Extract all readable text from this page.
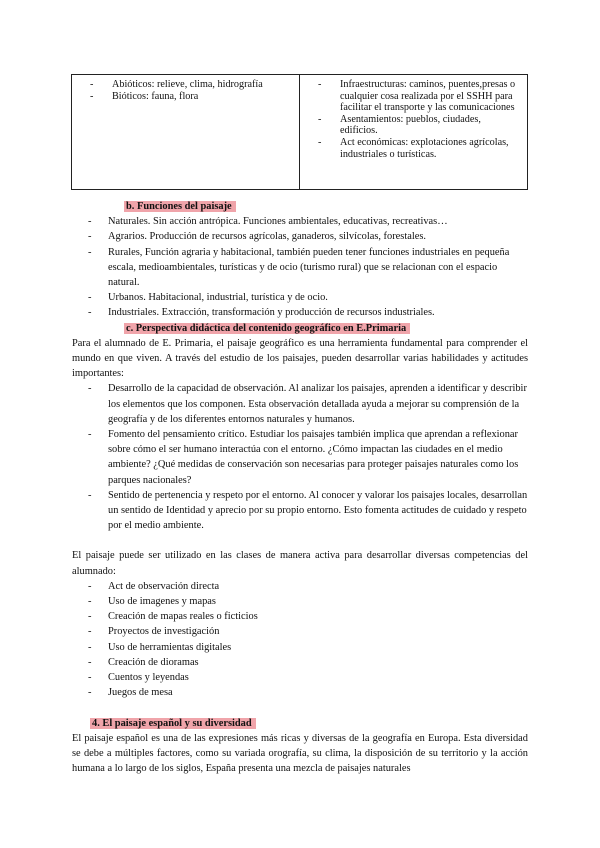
- Abióticos: relieve, clima, hidrografía
- Bióticos: fauna, flora

- Infraestructuras: caminos, puentes,presas o cualquier cosa realizada por el SSHH para facilitar el transporte y las comunicaciones
- Asentamientos: pueblos, ciudades, edificios.
- Act económicas: explotaciones agrícolas, industriales o turísticas.
b. Funciones del paisaje
- Naturales. Sin acción antrópica. Funciones ambientales, educativas, recreativas…
- Agrarios. Producción de recursos agrícolas, ganaderos, silvícolas, forestales.
- Rurales, Función agraria y habitacional, también pueden tener funciones industriales en pequeña escala, medioambientales, turísticas y de ocio (turismo rural) que se relacionan con el espacio natural.
- Urbanos. Habitacional, industrial, turística y de ocio.
- Industriales. Extracción, transformación y producción de recursos industriales.
c. Perspectiva didáctica del contenido geográfico en E.Primaria

Para el alumnado de E. Primaria, el paisaje geográfico es una herramienta fundamental para comprender el mundo en que viven. A través del estudio de los paisajes, pueden desarrollar varias habilidades y actitudes importantes:

- Desarrollo de la capacidad de observación. Al analizar los paisajes, aprenden a identificar y describir los elementos que los componen. Esta observación detallada ayuda a mejorar su comprensión de la geografía y de los diferentes entornos naturales y humanos.
- Fomento del pensamiento crítico. Estudiar los paisajes también implica que aprendan a reflexionar sobre cómo el ser humano interactúa con el entorno. ¿Cómo impactan las ciudades en el medio ambiente? ¿Qué medidas de conservación son necesarias para proteger paisajes naturales como los parques nacionales?
- Sentido de pertenencia y respeto por el entorno. Al conocer y valorar los paisajes locales, desarrollan un sentido de Identidad y aprecio por su propio entorno. Esto fomenta actitudes de cuidado y respeto por el medio ambiente.

El paisaje puede ser utilizado en las clases de manera activa para desarrollar diversas competencias del alumnado:

- Act de observación directa
- Uso de imagenes y mapas
- Creación de mapas reales o ficticios
- Proyectos de investigación
- Uso de herramientas digitales
- Creación de dioramas
- Cuentos y leyendas
- Juegos de mesa
4. El paisaje español y su diversidad

El paisaje español es una de las expresiones más ricas y diversas de la geografía en Europa. Esta diversidad se debe a múltiples factores, como su variada orografía, su clima, la disposición de su territorio y la acción humana a lo largo de los siglos, España presenta una mezcla de paisajes naturales
